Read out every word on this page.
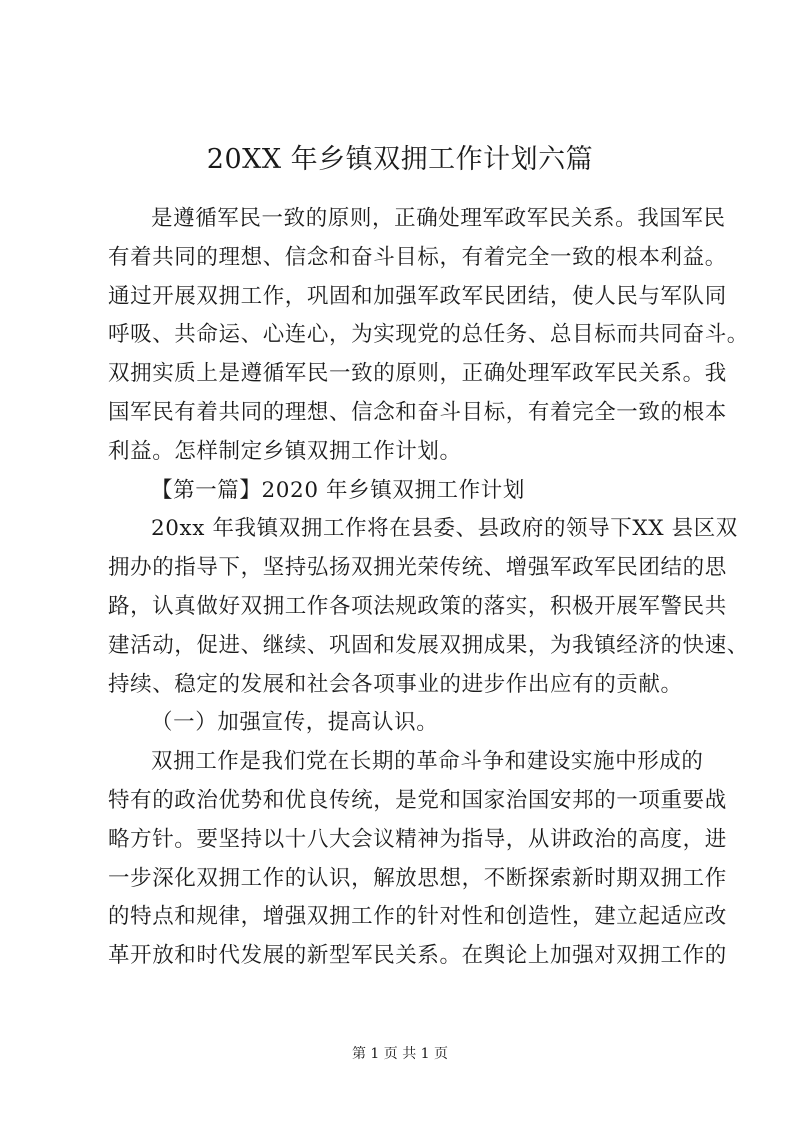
20XX 年乡镇双拥工作计划六篇
是遵循军民一致的原则，正确处理军政军民关系。我国军民
有着共同的理想、信念和奋斗目标，有着完全一致的根本利益。
通过开展双拥工作，巩固和加强军政军民团结，使人民与军队同
呼吸、共命运、心连心，为实现党的总任务、总目标而共同奋斗。
双拥实质上是遵循军民一致的原则，正确处理军政军民关系。我
国军民有着共同的理想、信念和奋斗目标，有着完全一致的根本
利益。怎样制定乡镇双拥工作计划。
【第一篇】2020 年乡镇双拥工作计划
20xx 年我镇双拥工作将在县委、县政府的领导下XX 县区双
拥办的指导下，坚持弘扬双拥光荣传统、增强军政军民团结的思
路，认真做好双拥工作各项法规政策的落实，积极开展军警民共
建活动，促进、继续、巩固和发展双拥成果，为我镇经济的快速、
持续、稳定的发展和社会各项事业的进步作出应有的贡献。
（一）加强宣传，提高认识。
双拥工作是我们党在长期的革命斗争和建设实施中形成的
特有的政治优势和优良传统，是党和国家治国安邦的一项重要战
略方针。要坚持以十八大会议精神为指导，从讲政治的高度，进
一步深化双拥工作的认识，解放思想，不断探索新时期双拥工作
的特点和规律，增强双拥工作的针对性和创造性，建立起适应改
革开放和时代发展的新型军民关系。在舆论上加强对双拥工作的
第 1 页 共 1 页
